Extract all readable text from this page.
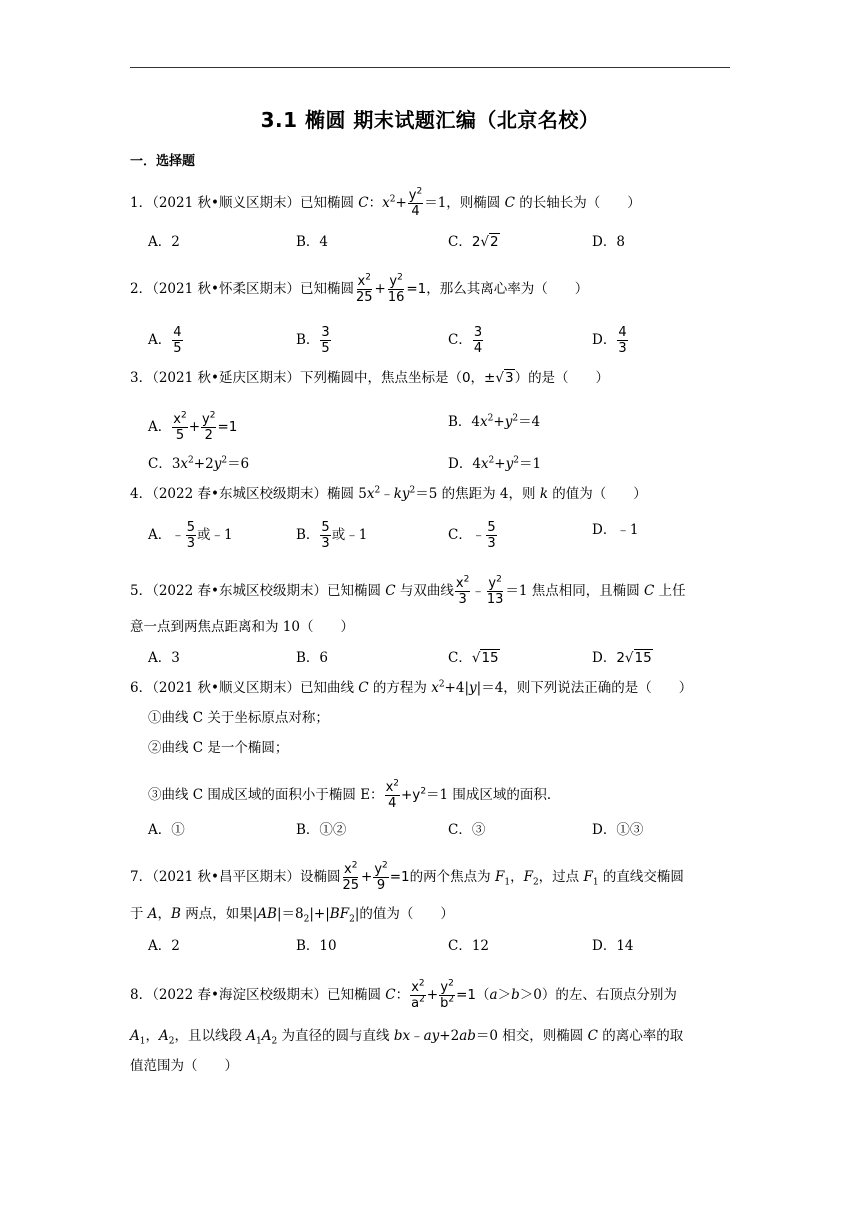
3.1 椭圆 期末试题汇编（北京名校）
一．选择题
1．（2021 秋•顺义区期末）已知椭圆 C：$x^2+ \frac{y^2}{4} =1$，则椭圆 C 的长轴长为（　　）
A．2	B．4	C．2√2	D．8
2．（2021 秋•怀柔区期末）已知椭圆 $\frac{x^2}{25} + \frac{y^2}{16} =1$，那么其离心率为（　　）
A． $\frac{4}{5}$	B． $\frac{3}{5}$	C． $\frac{3}{4}$	D． $\frac{4}{3}$
3．（2021 秋•延庆区期末）下列椭圆中，焦点坐标是（0，±√3）的是（　　）
A． $\frac{x^2}{5} + \frac{y^2}{2} =1$	B．$4x^2+y^2=4$
C．$3x^2+2y^2=6$	D．$4x^2+y^2=1$
4．（2022 春•东城区校级期末）椭圆 $5x^2﹣ky^2=5$ 的焦距为 4，则 k 的值为（　　）
A．﹣ $\frac{5}{3}$ 或﹣1	B． $\frac{5}{3}$ 或﹣1	C．﹣ $\frac{5}{3}$	D．﹣1
5．（2022 春•东城区校级期末）已知椭圆 C 与双曲线 $\frac{x^2}{3}$ ﹣ $\frac{y^2}{13} =1$ 焦点相同，且椭圆 C 上任
意一点到两焦点距离和为 10（　　）
A．3	B．6	C．√15	D．2√15
6．（2021 秋•顺义区期末）已知曲线 C 的方程为 $x^2+4|y|=4$，则下列说法正确的是（　　）
①曲线 C 关于坐标原点对称；
②曲线 C 是一个椭圆；
③曲线 C 围成区域的面积小于椭圆 E： $\frac{x^2}{4} +y^2=1$ 围成区域的面积．
A．①	B．①②	C．③	D．①③
7．（2021 秋•昌平区期末）设椭圆 $\frac{x^2}{25} + \frac{y^2}{9} =1$的两个焦点为 $F_1$，$F_2$，过点 $F_1$ 的直线交椭圆
于 A，B 两点，如果$|AB|=8_2|+|BF_2|$的值为（　　）
A．2	B．10	C．12	D．14
8．（2022 春•海淀区校级期末）已知椭圆 C： $\frac{x^2}{a^2} + \frac{y^2}{b^2} =1(a>b>0)$的左、右顶点分别为
$A_1$，$A_2$，且以线段 $A_1A_2$ 为直径的圆与直线 bx﹣ay+2ab＝0 相交，则椭圆 C 的离心率的取
值范围为（　　）
